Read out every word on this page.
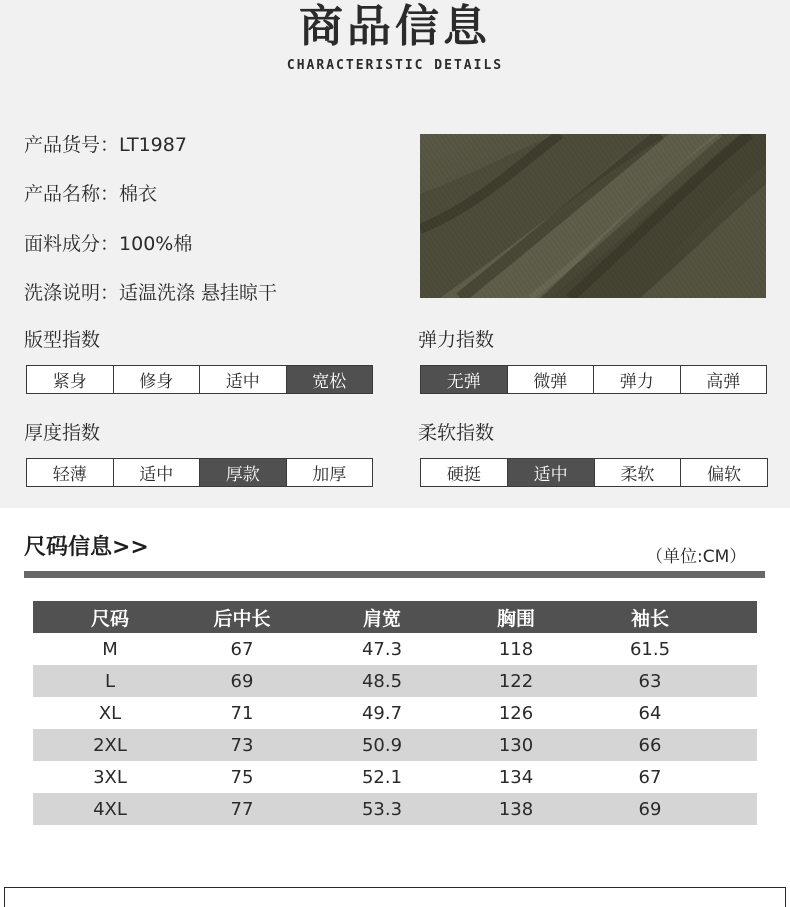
商品信息
CHARACTERISTIC DETAILS
产品货号：LT1987
产品名称：棉衣
面料成分：100%棉
洗涤说明：适温洗涤 悬挂晾干
版型指数
紧身	修身	适中	宽松
弹力指数
无弹	微弹	弹力	高弹
厚度指数
轻薄	适中	厚款	加厚
柔软指数
硬挺	适中	柔软	偏软
尺码信息>>	（单位:CM）
尺码	后中长	肩宽	胸围	袖长
M	67	47.3	118	61.5
L	69	48.5	122	63
XL	71	49.7	126	64
2XL	73	50.9	130	66
3XL	75	52.1	134	67
4XL	77	53.3	138	69
